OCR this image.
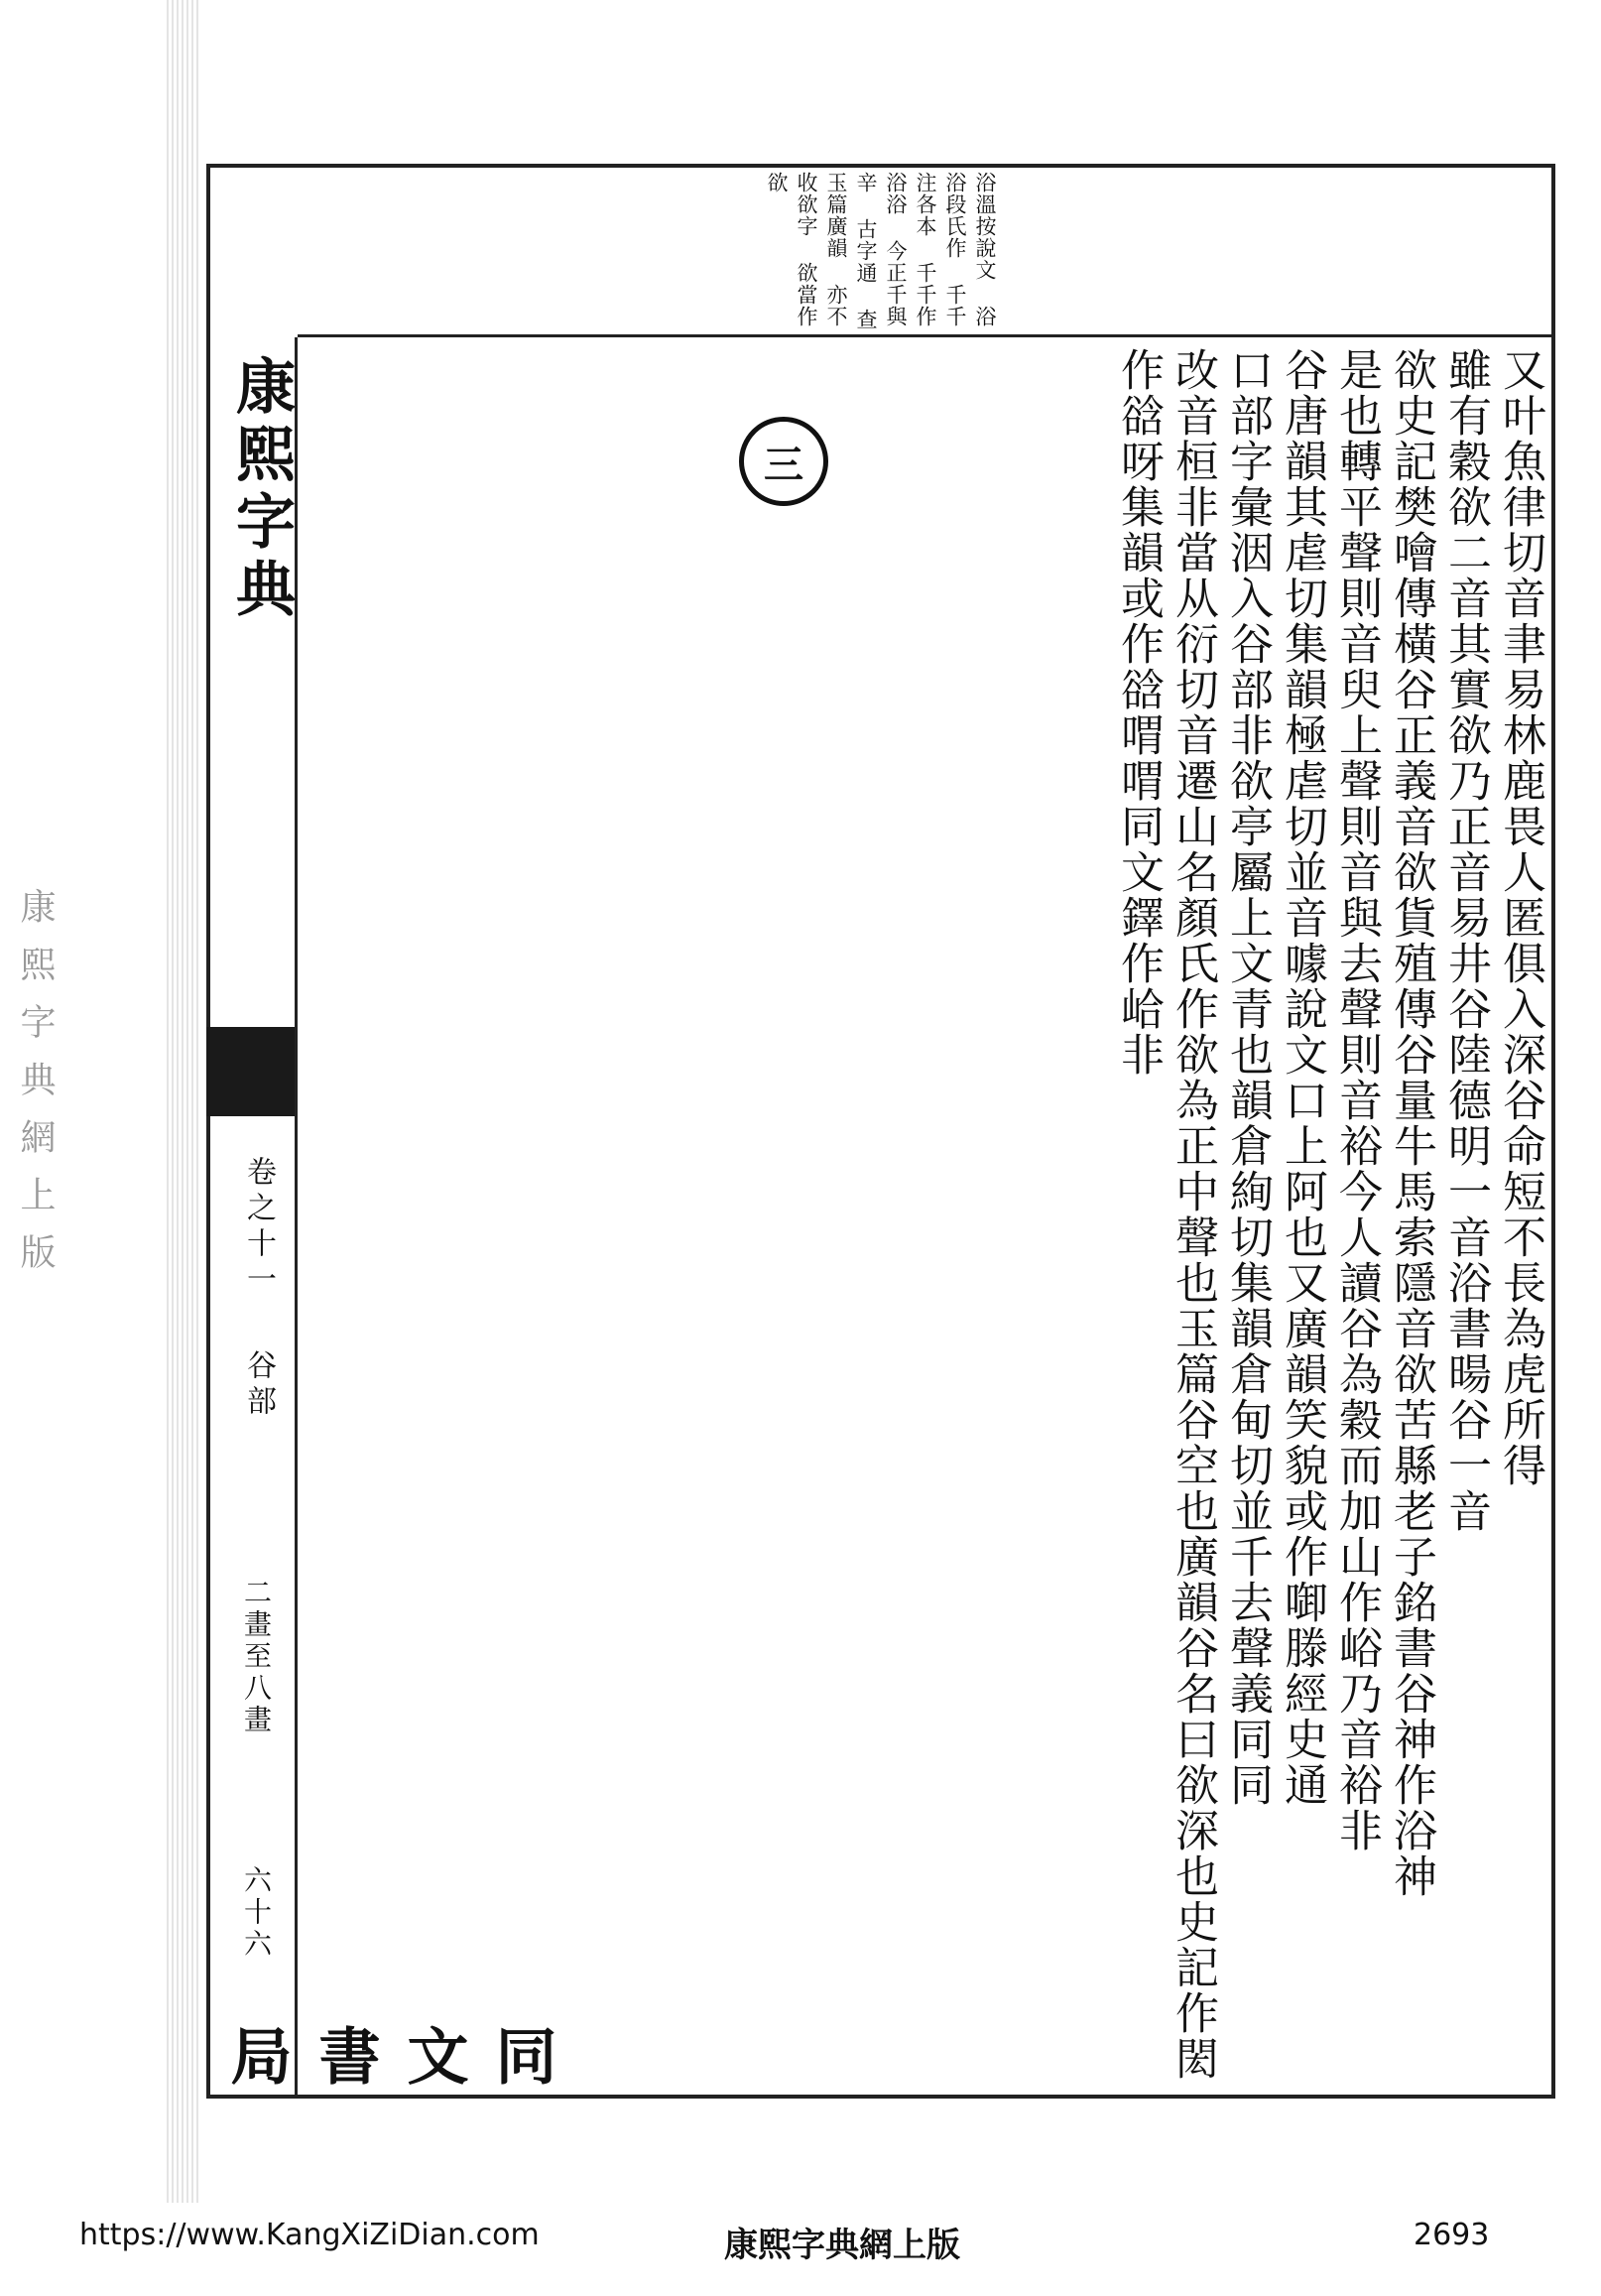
康熙字典網上版
浴溫按說文 浴浴段氏作 千千注各本 千千作浴浴 今正千與辛 古字通 查玉篇廣韻 亦不收欲字 欲當作欲
康熙字典
卷之十一
谷部
二畫至八畫
六十六
同文書局
又叶魚律切音聿易林鹿畏人匿俱入深谷命短不長為虎所得雖有穀欲二音其實欲乃正音易井谷陸德明一音浴書暘谷一音欲史記樊噲傳橫谷正義音欲貨殖傳谷量牛馬索隱音欲苦縣老子銘書谷神作浴神是也轉平聲則音臾上聲則音與去聲則音裕今人讀谷為穀而加山作峪乃音裕非谷唐韻其虐切集韻極虐切並音噱說文口上阿也又廣韻笑貌或作啣滕經史通口部字彙洇入谷部非欲亭屬上文青也韻倉絢切集韻倉甸切並千去聲義同同改音桓非當从衍切音遷山名顏氏作欲為正中聲也玉篇谷空也廣韻谷名曰欲深也史記作閎作谽呀集韻或作谽喟喟同文鐸作峆非
三
https://www.KangXiZiDian.com	康熙字典網上版	2693
